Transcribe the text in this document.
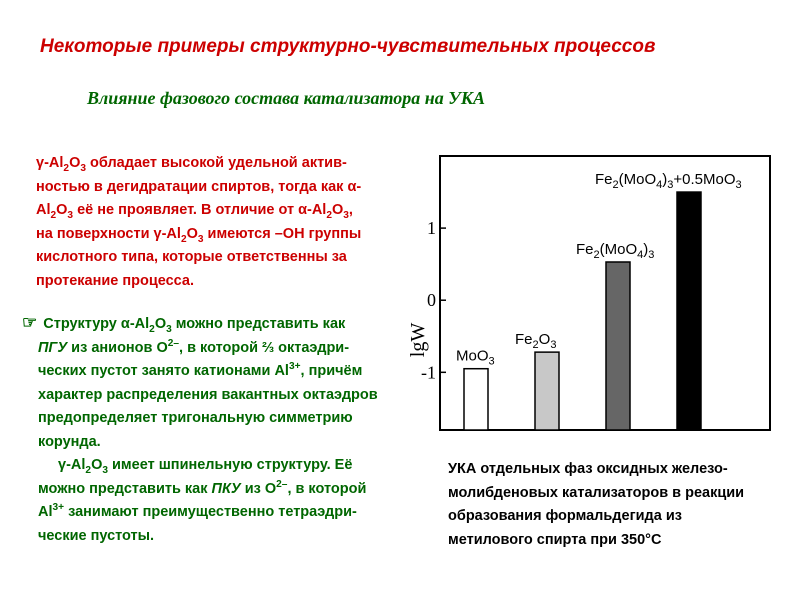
Некоторые примеры структурно-чувствительных процессов
Влияние фазового состава катализатора на УКА
$\gamma-Al_2O_3$ обладает высокой удельной актив-
ностью в дегидратации спиртов, тогда как α-
$Al_2O_3$ её не проявляет. В отличие от $\alpha-Al_2O_3$,
на поверхности $\gamma-Al_2O_3$ имеются –ОН группы
кислотного типа, которые ответственны за
протекание процесса.
☞ Структуру $\alpha-Al_2O_3$ можно представить как
ПГУ из анионов $O^{2-}$, в которой ⅔ октаэдри-
ческих пустот занято катионами $Al^{3+}$, причём
характер распределения вакантных октаэдров
предопределяет тригональную симметрию
корунда.
$\gamma-Al_2O_3$ имеет шпинельную структуру. Её
можно представить как ПКУ из $O^{2-}$, в которой
$Al^{3+}$ занимают преимущественно тетраэдри-
ческие пустоты.
1
0
-1
MoO$_3$
$Fe_2O_3$
$Fe_2(MoO_4)_3$
$Fe_2(MoO_4)_3+0.5MoO_3$
lgW
УКА отдельных фаз оксидных железо-
молибденовых катализаторов в реакции
образования формальдегида из
метилового спирта при 350°С
